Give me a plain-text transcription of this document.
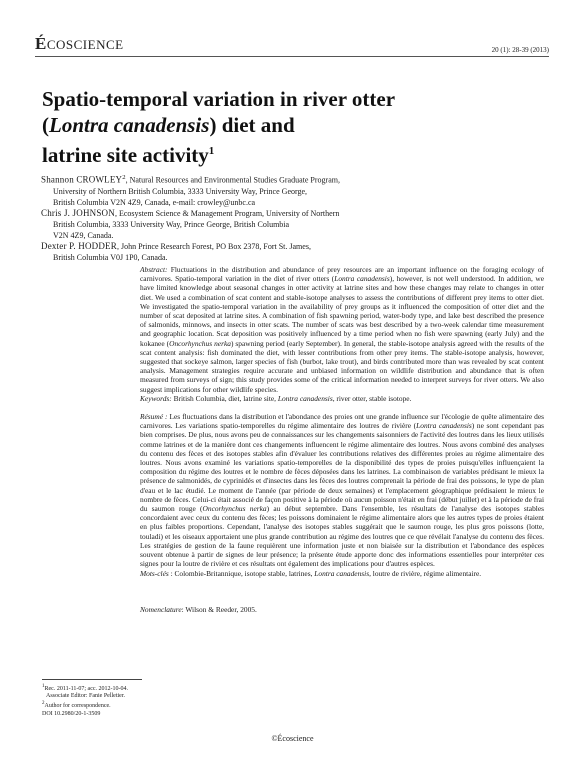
ÉCOSCIENCE	20 (1): 28-39 (2013)
Spatio-temporal variation in river otter
(Lontra canadensis) diet and
latrine site activity$^1$

Shannon CROWLEY$^2$, Natural Resources and Environmental Studies Graduate Program,

University of Northern British Columbia, 3333 University Way, Prince George,

British Columbia V2N 4Z9, Canada, e-mail: crowley@unbc.ca

Chris J. JOHNSON, Ecosystem Science & Management Program, University of Northern

British Columbia, 3333 University Way, Prince George, British Columbia

V2N 4Z9, Canada.

Dexter P. HODDER, John Prince Research Forest, PO Box 2378, Fort St. James,

British Columbia V0J 1P0, Canada.

Abstract: Fluctuations in the distribution and abundance of prey resources are an important influence on the foraging ecology of carnivores. Spatio-temporal variation in the diet of river otters (Lontra canadensis), however, is not well understood. In addition, we have limited knowledge about seasonal changes in otter activity at latrine sites and how these changes may relate to changes in otter diet. We used a combination of scat content and stable-isotope analyses to assess the contributions of different prey items to otter diet. We investigated the spatio-temporal variation in the availability of prey groups as it influenced the composition of otter diet and the number of scat deposited at latrine sites. A combination of fish spawning period, water-body type, and lake best described the presence of salmonids, minnows, and insects in otter scats. The number of scats was best described by a two-week calendar time measurement and geographic location. Scat deposition was positively influenced by a time period when no fish were spawning (early July) and the kokanee (Oncorhynchus nerka) spawning period (early September). In general, the stable-isotope analysis agreed with the results of the scat content analysis: fish dominated the diet, with lesser contributions from other prey items. The stable-isotope analysis, however, suggested that sockeye salmon, larger species of fish (burbot, lake trout), and birds contributed more than was revealed by scat content analysis. Management strategies require accurate and unbiased information on wildlife distribution and abundance that is often measured from surveys of sign; this study provides some of the critical information needed to interpret surveys for river otters. We also suggest implications for other wildlife species.

Keywords: British Columbia, diet, latrine site, Lontra canadensis, river otter, stable isotope.

Résumé : Les fluctuations dans la distribution et l'abondance des proies ont une grande influence sur l'écologie de quête alimentaire des carnivores. Les variations spatio-temporelles du régime alimentaire des loutres de rivière (Lontra canadensis) ne sont cependant pas bien comprises. De plus, nous avons peu de connaissances sur les changements saisonniers de l'activité des loutres dans les lieux utilisés comme latrines et de la manière dont ces changements influencent le régime alimentaire des loutres. Nous avons combiné des analyses du contenu des fèces et des isotopes stables afin d'évaluer les contributions relatives des différentes proies au régime alimentaire des loutres. Nous avons examiné les variations spatio-temporelles de la disponibilité des types de proies puisqu'elles influençaient la composition du régime des loutres et le nombre de fèces déposées dans les latrines. La combinaison de variables prédisant le mieux la présence de salmonidés, de cyprinidés et d'insectes dans les fèces des loutres comprenait la période de frai des poissons, le type de plan d'eau et le lac étudié. Le moment de l'année (par période de deux semaines) et l'emplacement géographique prédisaient le mieux le nombre de fèces. Celui-ci était associé de façon positive à la période où aucun poisson n'était en frai (début juillet) et à la période de frai du saumon rouge (Oncorhynchus nerka) au début septembre. Dans l'ensemble, les résultats de l'analyse des isotopes stables concordaient avec ceux du contenu des fèces; les poissons dominaient le régime alimentaire alors que les autres types de proies étaient en plus faibles proportions. Cependant, l'analyse des isotopes stables suggérait que le saumon rouge, les plus gros poissons (lotte, touladi) et les oiseaux apportaient une plus grande contribution au régime des loutres que ce que révélait l'analyse du contenu des fèces. Les stratégies de gestion de la faune requièrent une information juste et non biaisée sur la distribution et l'abondance des espèces souvent obtenue à partir de signes de leur présence; la présente étude apporte donc des informations essentielles pour interpréter ces signes pour la loutre de rivière et ces résultats ont également des implications pour d'autres espèces.

Mots-clés : Colombie-Britannique, isotope stable, latrines, Lontra canadensis, loutre de rivière, régime alimentaire.

Nomenclature: Wilson & Reeder, 2005.

$^1$Rec. 2011-11-07; acc. 2012-10-04.

Associate Editor: Fanie Pelletier.

$^2$Author for correspondence.

DOI 10.2980/20-1-3509

©Écoscience
